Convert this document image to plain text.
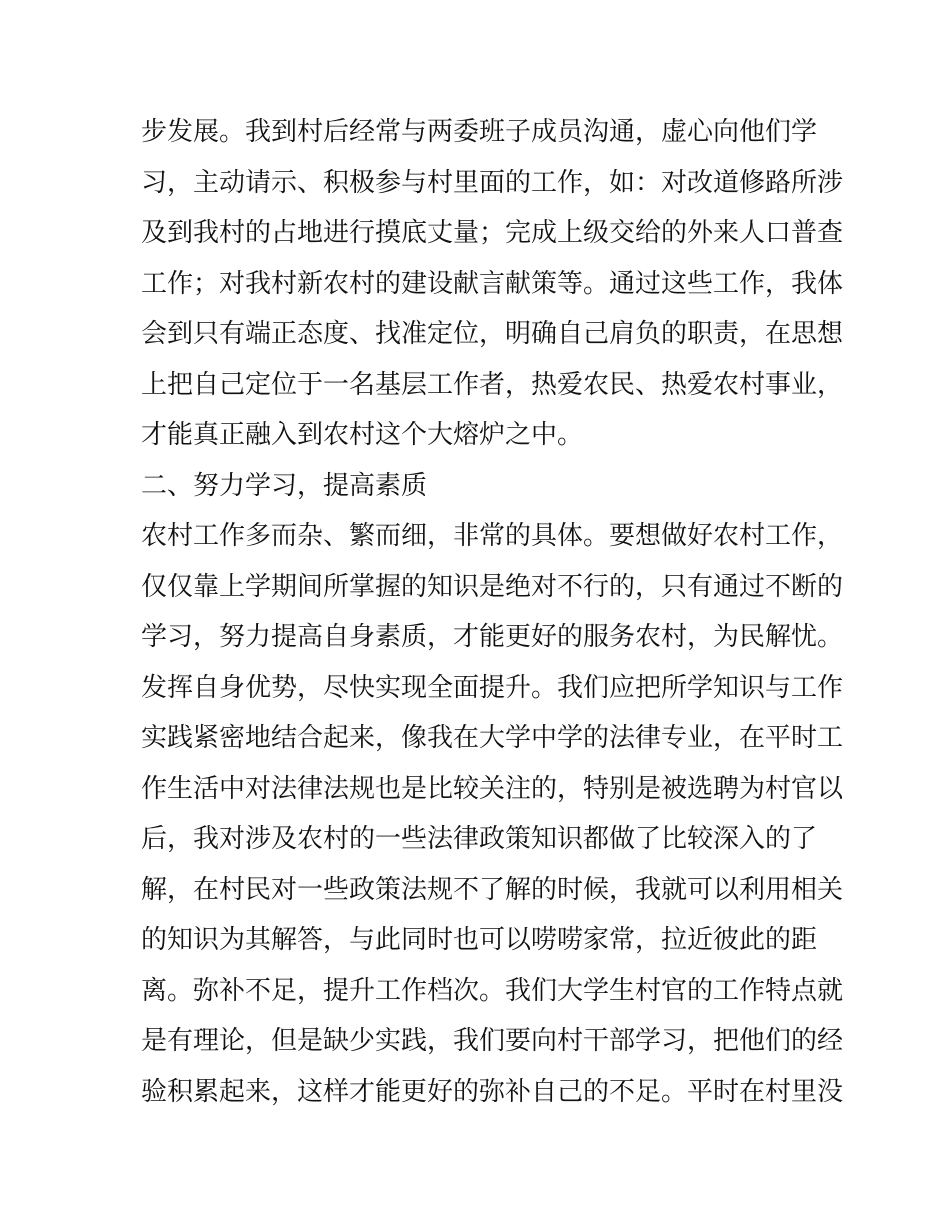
步发展。我到村后经常与两委班子成员沟通，虚心向他们学
习，主动请示、积极参与村里面的工作，如：对改道修路所涉
及到我村的占地进行摸底丈量；完成上级交给的外来人口普查
工作；对我村新农村的建设献言献策等。通过这些工作，我体
会到只有端正态度、找准定位，明确自己肩负的职责，在思想
上把自己定位于一名基层工作者，热爱农民、热爱农村事业，
才能真正融入到农村这个大熔炉之中。
二、努力学习，提高素质
农村工作多而杂、繁而细，非常的具体。要想做好农村工作，
仅仅靠上学期间所掌握的知识是绝对不行的，只有通过不断的
学习，努力提高自身素质，才能更好的服务农村，为民解忧。
发挥自身优势，尽快实现全面提升。我们应把所学知识与工作
实践紧密地结合起来，像我在大学中学的法律专业，在平时工
作生活中对法律法规也是比较关注的，特别是被选聘为村官以
后，我对涉及农村的一些法律政策知识都做了比较深入的了
解，在村民对一些政策法规不了解的时候，我就可以利用相关
的知识为其解答，与此同时也可以唠唠家常，拉近彼此的距
离。弥补不足，提升工作档次。我们大学生村官的工作特点就
是有理论，但是缺少实践，我们要向村干部学习，把他们的经
验积累起来，这样才能更好的弥补自己的不足。平时在村里没
